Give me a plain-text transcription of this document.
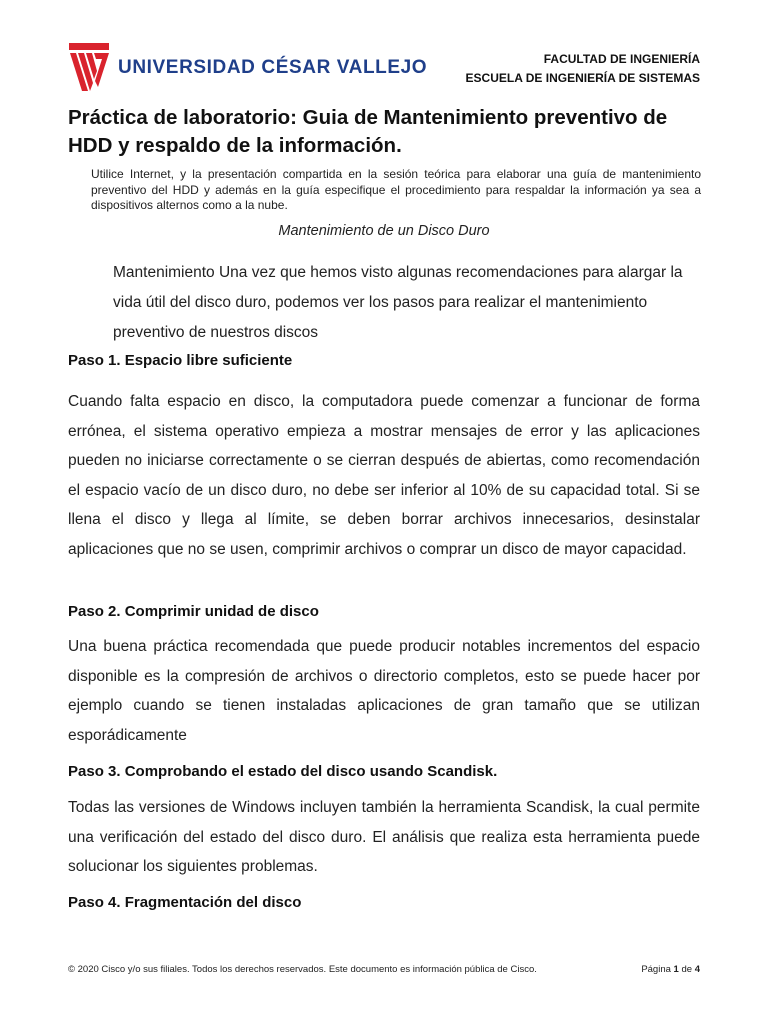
UNIVERSIDAD CÉSAR VALLEJO	FACULTAD DE INGENIERÍA
ESCUELA DE INGENIERÍA DE SISTEMAS
Práctica de laboratorio: Guia de Mantenimiento preventivo de HDD y respaldo de la información.

Utilice Internet, y la presentación compartida en la sesión teórica para elaborar una guía de mantenimiento preventivo del HDD y además en la guía especifique el procedimiento para respaldar la información ya sea a dispositivos alternos como a la nube.

Mantenimiento de un Disco Duro

Mantenimiento Una vez que hemos visto algunas recomendaciones para alargar la vida útil del disco duro, podemos ver los pasos para realizar el mantenimiento preventivo de nuestros discos

Paso 1. Espacio libre suficiente

Cuando falta espacio en disco, la computadora puede comenzar a funcionar de forma errónea, el sistema operativo empieza a mostrar mensajes de error y las aplicaciones pueden no iniciarse correctamente o se cierran después de abiertas, como recomendación el espacio vacío de un disco duro, no debe ser inferior al 10% de su capacidad total. Si se llena el disco y llega al límite, se deben borrar archivos innecesarios, desinstalar aplicaciones que no se usen, comprimir archivos o comprar un disco de mayor capacidad.

Paso 2. Comprimir unidad de disco

Una buena práctica recomendada que puede producir notables incrementos del espacio disponible es la compresión de archivos o directorio completos, esto se puede hacer por ejemplo cuando se tienen instaladas aplicaciones de gran tamaño que se utilizan esporádicamente

Paso 3. Comprobando el estado del disco usando Scandisk.

Todas las versiones de Windows incluyen también la herramienta Scandisk, la cual permite una verificación del estado del disco duro. El análisis que realiza esta herramienta puede solucionar los siguientes problemas.

Paso 4. Fragmentación del disco
© 2020 Cisco y/o sus filiales. Todos los derechos reservados. Este documento es información pública de Cisco.	Página 1 de 4
